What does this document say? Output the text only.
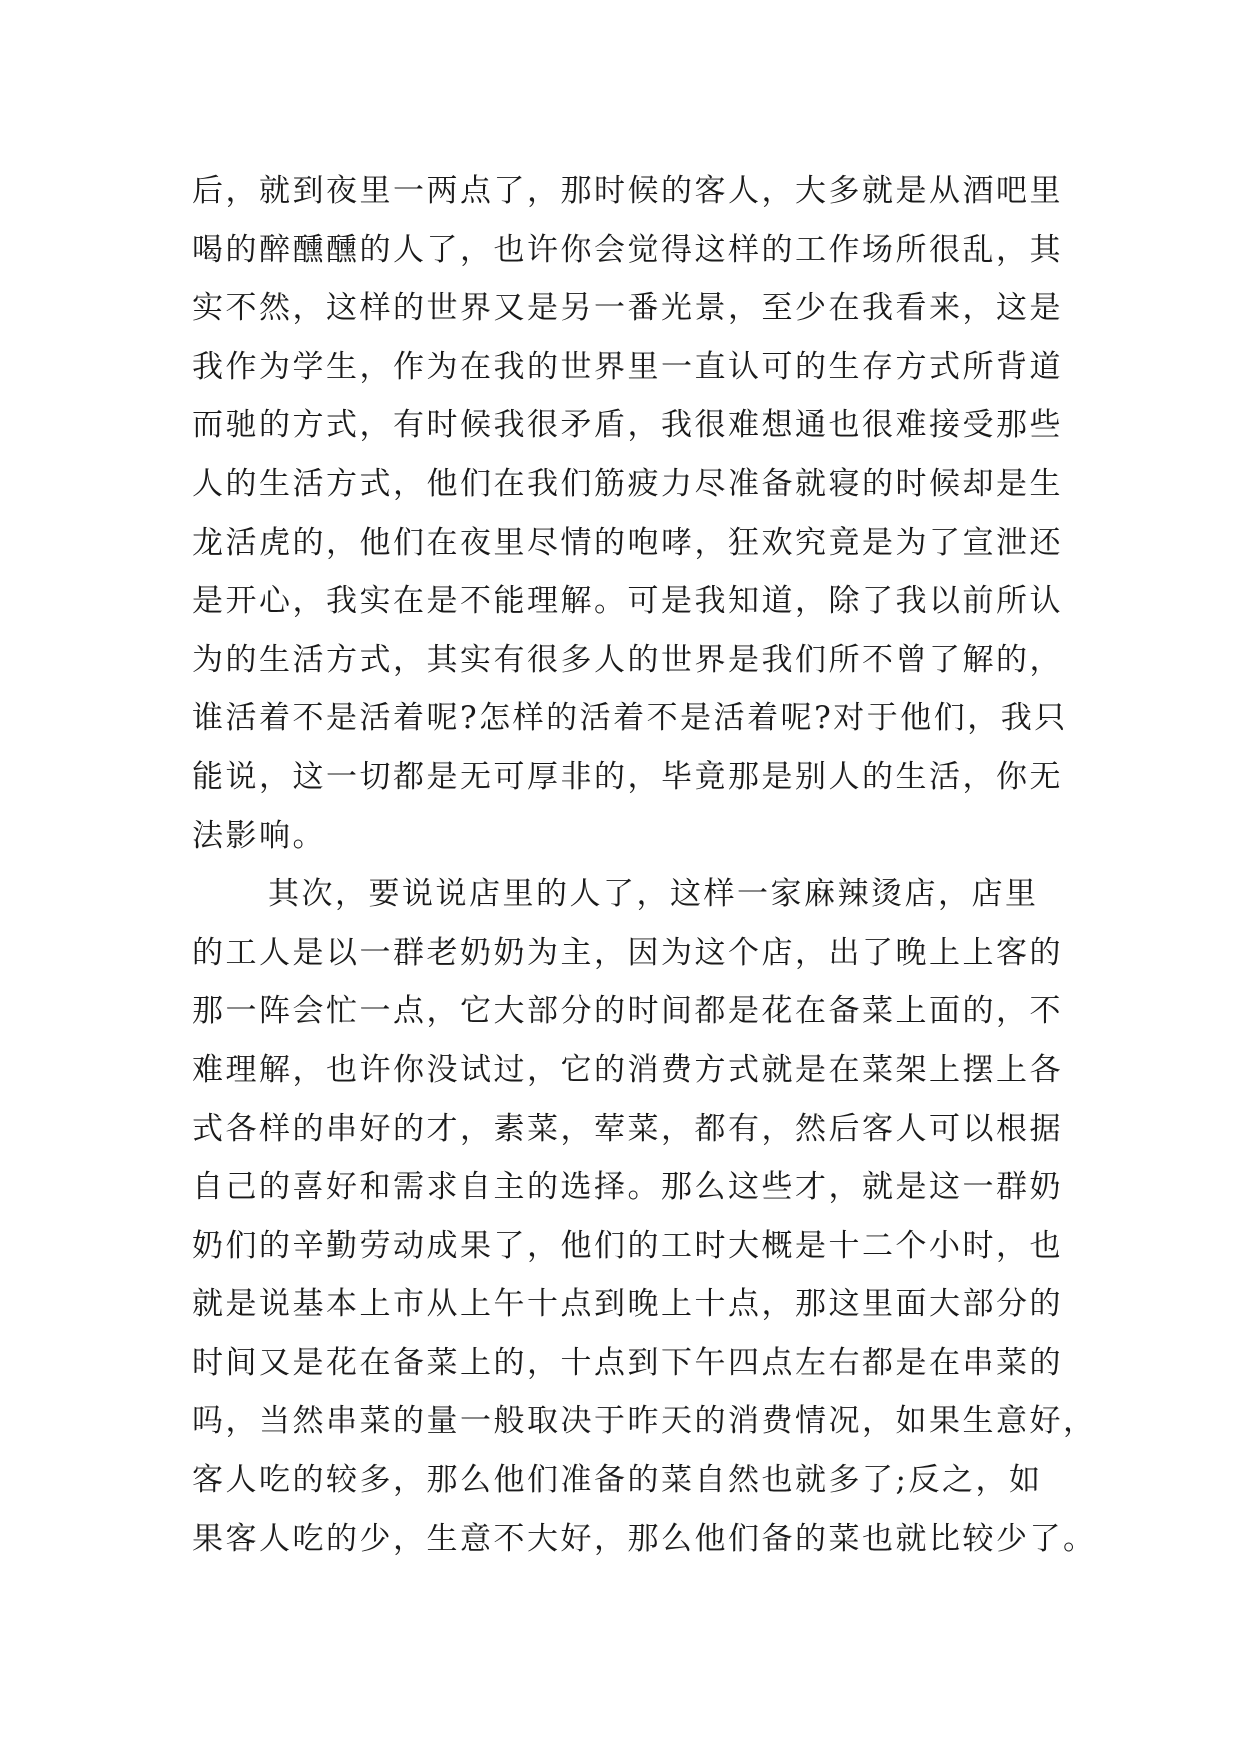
后，就到夜里一两点了，那时候的客人，大多就是从酒吧里
喝的醉醺醺的人了，也许你会觉得这样的工作场所很乱，其
实不然，这样的世界又是另一番光景，至少在我看来，这是
我作为学生，作为在我的世界里一直认可的生存方式所背道
而驰的方式，有时候我很矛盾，我很难想通也很难接受那些
人的生活方式，他们在我们筋疲力尽准备就寝的时候却是生
龙活虎的，他们在夜里尽情的咆哮，狂欢究竟是为了宣泄还
是开心，我实在是不能理解。可是我知道，除了我以前所认
为的生活方式，其实有很多人的世界是我们所不曾了解的，
谁活着不是活着呢?怎样的活着不是活着呢?对于他们，我只
能说，这一切都是无可厚非的，毕竟那是别人的生活，你无
法影响。
其次，要说说店里的人了，这样一家麻辣烫店，店里
的工人是以一群老奶奶为主，因为这个店，出了晚上上客的
那一阵会忙一点，它大部分的时间都是花在备菜上面的，不
难理解，也许你没试过，它的消费方式就是在菜架上摆上各
式各样的串好的才，素菜，荤菜，都有，然后客人可以根据
自己的喜好和需求自主的选择。那么这些才，就是这一群奶
奶们的辛勤劳动成果了，他们的工时大概是十二个小时，也
就是说基本上市从上午十点到晚上十点，那这里面大部分的
时间又是花在备菜上的，十点到下午四点左右都是在串菜的
吗，当然串菜的量一般取决于昨天的消费情况，如果生意好，
客人吃的较多，那么他们准备的菜自然也就多了;反之，如
果客人吃的少，生意不大好，那么他们备的菜也就比较少了。
